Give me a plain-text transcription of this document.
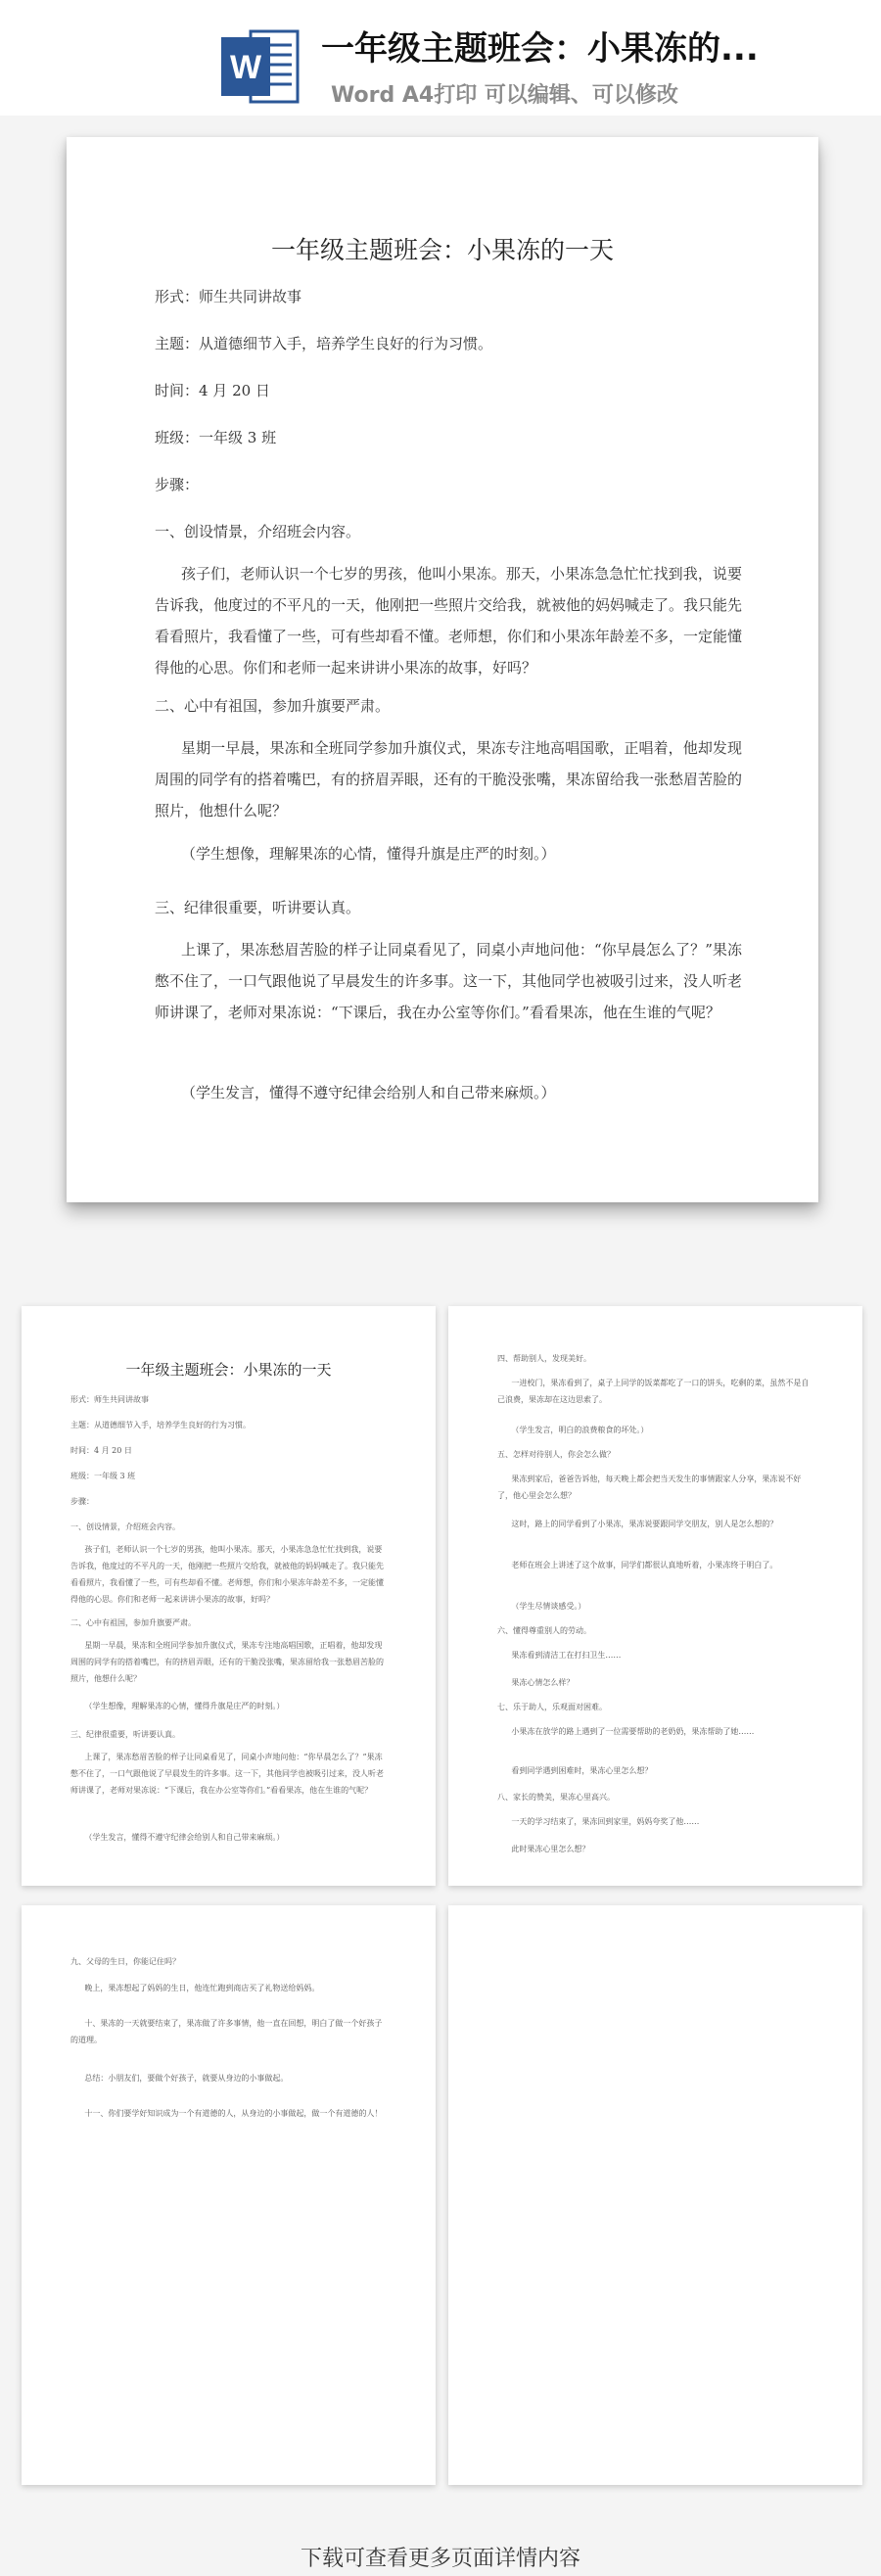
W 一年级主题班会：小果冻的...
Word A4打印 可以编辑、可以修改
一年级主题班会：小果冻的一天
形式：师生共同讲故事
主题：从道德细节入手，培养学生良好的行为习惯。
时间：4 月 20 日
班级：一年级 3 班
步骤：
一、创设情景，介绍班会内容。
孩子们，老师认识一个七岁的男孩，他叫小果冻。那天，小果冻急急忙忙找到我，说要告诉我，他度过的不平凡的一天，他刚把一些照片交给我，就被他的妈妈喊走了。我只能先看看照片，我看懂了一些，可有些却看不懂。老师想，你们和小果冻年龄差不多，一定能懂得他的心思。你们和老师一起来讲讲小果冻的故事，好吗？
二、心中有祖国，参加升旗要严肃。
星期一早晨，果冻和全班同学参加升旗仪式，果冻专注地高唱国歌，正唱着，他却发现周围的同学有的搭着嘴巴，有的挤眉弄眼，还有的干脆没张嘴，果冻留给我一张愁眉苦脸的照片，他想什么呢？
（学生想像，理解果冻的心情，懂得升旗是庄严的时刻。）
三、纪律很重要，听讲要认真。
上课了，果冻愁眉苦脸的样子让同桌看见了，同桌小声地问他：“你早晨怎么了？”果冻憋不住了，一口气跟他说了早晨发生的许多事。这一下，其他同学也被吸引过来，没人听老师讲课了，老师对果冻说：“下课后，我在办公室等你们。”看看果冻，他在生谁的气呢？
（学生发言，懂得不遵守纪律会给别人和自己带来麻烦。）
一年级主题班会：小果冻的一天
形式：师生共同讲故事
主题：从道德细节入手，培养学生良好的行为习惯。
时间：4 月 20 日
班级：一年级 3 班
步骤：
一、创设情景，介绍班会内容。
孩子们，老师认识一个七岁的男孩，他叫小果冻。那天，小果冻急急忙忙找到我，说要告诉我，他度过的不平凡的一天，他刚把一些照片交给我，就被他的妈妈喊走了。我只能先看看照片，我看懂了一些，可有些却看不懂。老师想，你们和小果冻年龄差不多，一定能懂得他的心思。你们和老师一起来讲讲小果冻的故事，好吗？
二、心中有祖国，参加升旗要严肃。
星期一早晨，果冻和全班同学参加升旗仪式，果冻专注地高唱国歌，正唱着，他却发现周围的同学有的搭着嘴巴，有的挤眉弄眼，还有的干脆没张嘴，果冻留给我一张愁眉苦脸的照片，他想什么呢？
（学生想像，理解果冻的心情，懂得升旗是庄严的时刻。）
三、纪律很重要，听讲要认真。
上课了，果冻愁眉苦脸的样子让同桌看见了，同桌小声地问他：“你早晨怎么了？”果冻憋不住了，一口气跟他说了早晨发生的许多事。这一下，其他同学也被吸引过来，没人听老师讲课了，老师对果冻说：“下课后，我在办公室等你们。”看看果冻，他在生谁的气呢？
（学生发言，懂得不遵守纪律会给别人和自己带来麻烦。）
四、帮助别人，发现美好。
一进校门，果冻看到了，桌子上同学的饭菜都吃了一口的饼头，吃剩的菜，虽然不是自己浪费，果冻却在这边思索了。
（学生发言，明白的浪费粮食的坏处。）
五、怎样对待别人，你会怎么做？
果冻到家后，爸爸告诉他，每天晚上都会把当天发生的事情跟家人分享，果冻说不好了，他心里会怎么想？
这时，路上的同学看到了小果冻，果冻说要跟同学交朋友，别人是怎么想的？
老师在班会上讲述了这个故事，同学们都很认真地听着，小果冻终于明白了。
（学生尽情谈感受。）
六、懂得尊重别人的劳动。
果冻看到清洁工在打扫卫生……
果冻心情怎么样？
七、乐于助人，乐观面对困难。
小果冻在放学的路上遇到了一位需要帮助的老奶奶，果冻帮助了她……
看到同学遇到困难时，果冻心里怎么想？
八、家长的赞美，果冻心里高兴。
一天的学习结束了，果冻回到家里，妈妈夸奖了他……
此时果冻心里怎么想？
九、父母的生日，你能记住吗？
晚上，果冻想起了妈妈的生日，他连忙跑到商店买了礼物送给妈妈。
十、果冻的一天就要结束了，果冻做了许多事情，他一直在回想，明白了做一个好孩子的道理。
总结：小朋友们，要做个好孩子，就要从身边的小事做起。
十一、你们要学好知识成为一个有道德的人，从身边的小事做起，做一个有道德的人！
下载可查看更多页面详情内容
